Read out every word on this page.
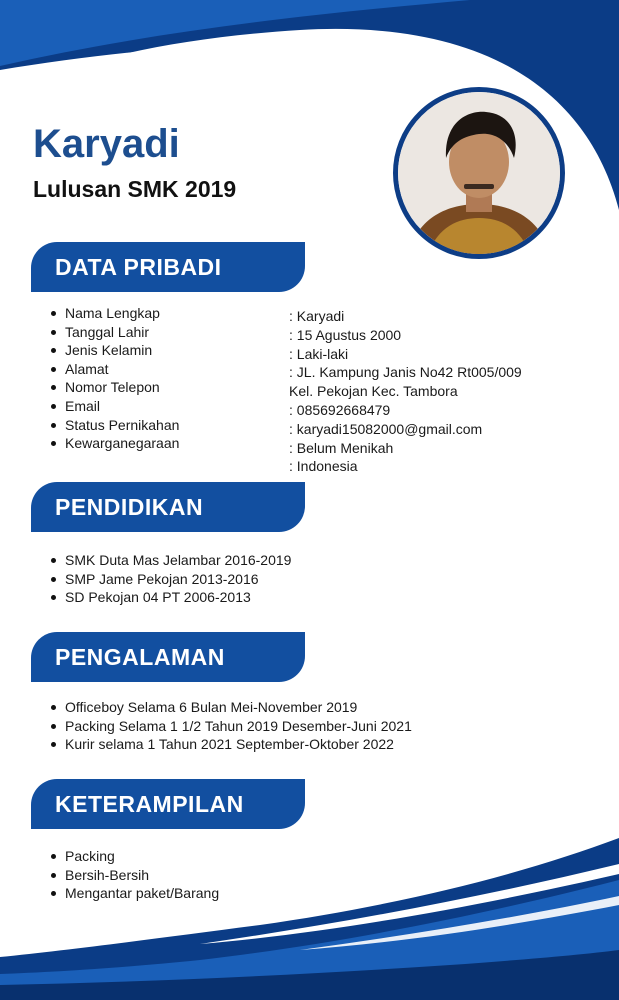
Karyadi
Lulusan SMK 2019
DATA PRIBADI
Nama Lengkap
Tanggal Lahir
Jenis Kelamin
Alamat
Nomor Telepon
Email
Status Pernikahan
Kewarganegaraan
: Karyadi
: 15 Agustus 2000
: Laki-laki
: JL. Kampung Janis No42 Rt005/009
Kel. Pekojan Kec. Tambora
: 085692668479
: karyadi15082000@gmail.com
: Belum Menikah
: Indonesia
PENDIDIKAN
SMK Duta Mas Jelambar 2016-2019
SMP Jame Pekojan 2013-2016
SD Pekojan 04 PT 2006-2013
PENGALAMAN
Officeboy Selama 6 Bulan Mei-November 2019
Packing Selama 1 1/2 Tahun 2019 Desember-Juni 2021
Kurir selama 1 Tahun 2021 September-Oktober 2022
KETERAMPILAN
Packing
Bersih-Bersih
Mengantar paket/Barang
